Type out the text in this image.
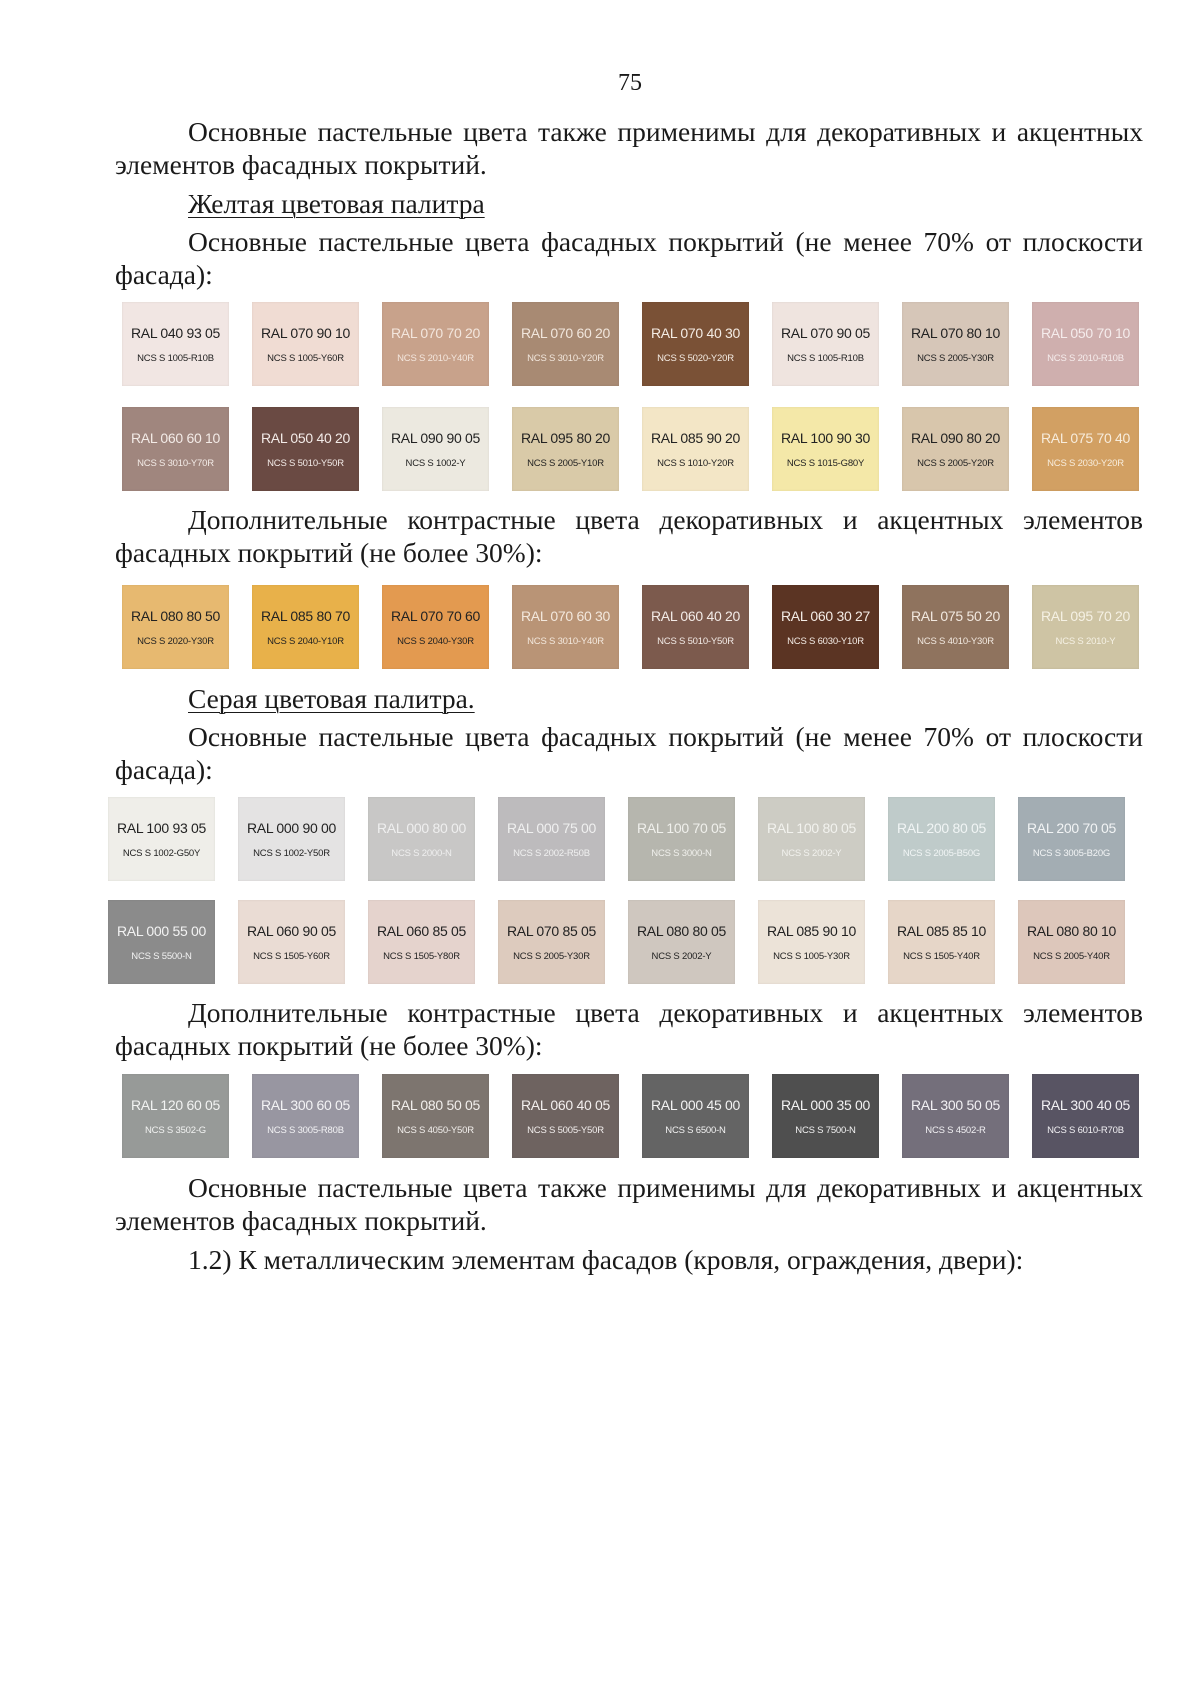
75
Основные пастельные цвета также применимы для декоративных и акцентных
элементов фасадных покрытий.
Желтая цветовая палитра
Основные пастельные цвета фасадных покрытий (не менее 70% от плоскости
фасада):
RAL 040 93 05
NCS S 1005-R10B
RAL 070 90 10
NCS S 1005-Y60R
RAL 070 70 20
NCS S 2010-Y40R
RAL 070 60 20
NCS S 3010-Y20R
RAL 070 40 30
NCS S 5020-Y20R
RAL 070 90 05
NCS S 1005-R10B
RAL 070 80 10
NCS S 2005-Y30R
RAL 050 70 10
NCS S 2010-R10B
RAL 060 60 10
NCS S 3010-Y70R
RAL 050 40 20
NCS S 5010-Y50R
RAL 090 90 05
NCS S 1002-Y
RAL 095 80 20
NCS S 2005-Y10R
RAL 085 90 20
NCS S 1010-Y20R
RAL 100 90 30
NCS S 1015-G80Y
RAL 090 80 20
NCS S 2005-Y20R
RAL 075 70 40
NCS S 2030-Y20R
Дополнительные контрастные цвета декоративных и акцентных элементов
фасадных покрытий (не более 30%):
RAL 080 80 50
NCS S 2020-Y30R
RAL 085 80 70
NCS S 2040-Y10R
RAL 070 70 60
NCS S 2040-Y30R
RAL 070 60 30
NCS S 3010-Y40R
RAL 060 40 20
NCS S 5010-Y50R
RAL 060 30 27
NCS S 6030-Y10R
RAL 075 50 20
NCS S 4010-Y30R
RAL 095 70 20
NCS S 2010-Y
Серая цветовая палитра.
Основные пастельные цвета фасадных покрытий (не менее 70% от плоскости
фасада):
RAL 100 93 05
NCS S 1002-G50Y
RAL 000 90 00
NCS S 1002-Y50R
RAL 000 80 00
NCS S 2000-N
RAL 000 75 00
NCS S 2002-R50B
RAL 100 70 05
NCS S 3000-N
RAL 100 80 05
NCS S 2002-Y
RAL 200 80 05
NCS S 2005-B50G
RAL 200 70 05
NCS S 3005-B20G
RAL 000 55 00
NCS S 5500-N
RAL 060 90 05
NCS S 1505-Y60R
RAL 060 85 05
NCS S 1505-Y80R
RAL 070 85 05
NCS S 2005-Y30R
RAL 080 80 05
NCS S 2002-Y
RAL 085 90 10
NCS S 1005-Y30R
RAL 085 85 10
NCS S 1505-Y40R
RAL 080 80 10
NCS S 2005-Y40R
Дополнительные контрастные цвета декоративных и акцентных элементов
фасадных покрытий (не более 30%):
RAL 120 60 05
NCS S 3502-G
RAL 300 60 05
NCS S 3005-R80B
RAL 080 50 05
NCS S 4050-Y50R
RAL 060 40 05
NCS S 5005-Y50R
RAL 000 45 00
NCS S 6500-N
RAL 000 35 00
NCS S 7500-N
RAL 300 50 05
NCS S 4502-R
RAL 300 40 05
NCS S 6010-R70B
Основные пастельные цвета также применимы для декоративных и акцентных
элементов фасадных покрытий.
1.2) К металлическим элементам фасадов (кровля, ограждения, двери):
